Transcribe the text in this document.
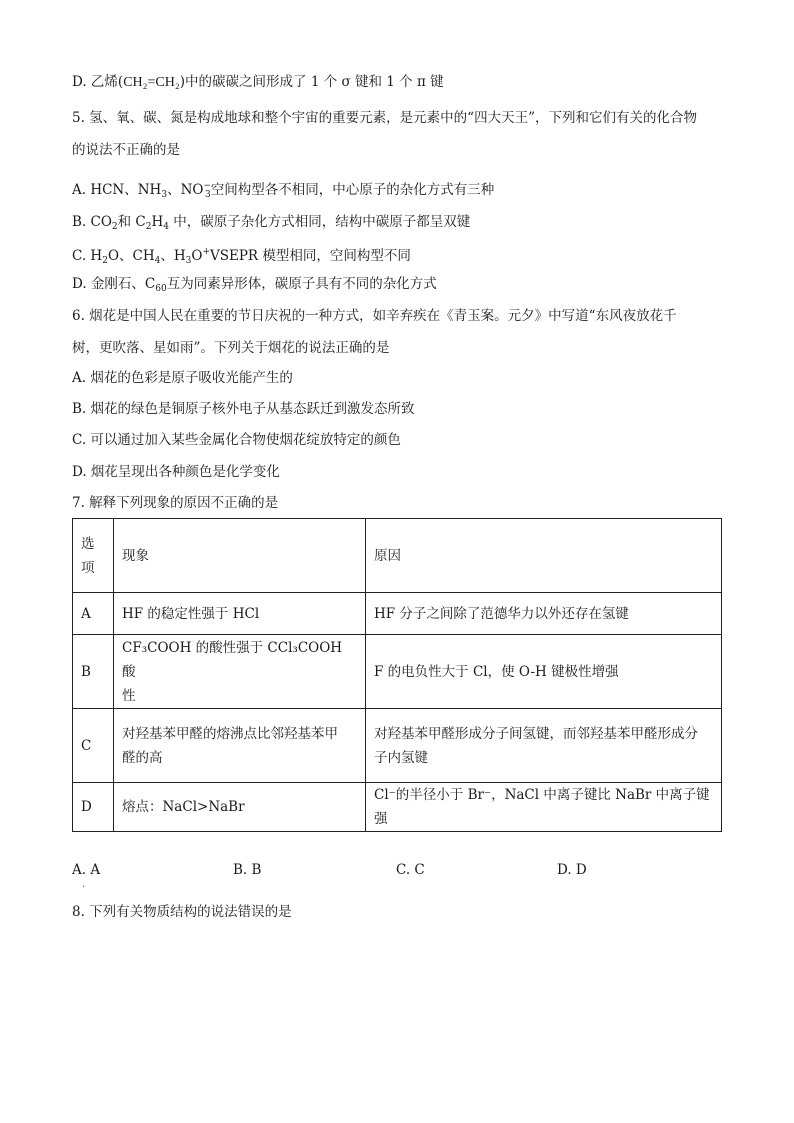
D. 乙烯(CH₂=CH₂)中的碳碳之间形成了 1 个 σ 键和 1 个 π 键
5. 氢、氧、碳、氮是构成地球和整个宇宙的重要元素，是元素中的“四大天王”，下列和它们有关的化合物
的说法不正确的是
A. HCN、$NH_3$、$NO^-_3$空间构型各不相同，中心原子的杂化方式有三种
B. $CO_2$和 $C_2H_4$ 中，碳原子杂化方式相同，结构中碳原子都呈双键
C. $H_2O$、$CH_4$、$H_3O^+VSEPR$ 模型相同，空间构型不同
D. 金刚石、$C_{60}$互为同素异形体，碳原子具有不同的杂化方式
6. 烟花是中国人民在重要的节日庆祝的一种方式，如辛弃疾在《青玉案。元夕》中写道“东风夜放花千
树，更吹落、星如雨”。下列关于烟花的说法正确的是
A. 烟花的色彩是原子吸收光能产生的
B. 烟花的绿色是铜原子核外电子从基态跃迁到激发态所致
C. 可以通过加入某些金属化合物使烟花绽放特定的颜色
D. 烟花呈现出各种颜色是化学变化
7. 解释下列现象的原因不正确的是
选
项	现象	原因
A	HF 的稳定性强于 HCl	HF 分子之间除了范德华力以外还存在氢键
B	CF₃COOH 的酸性强于 CCl₃COOH 酸
性	F 的电负性大于 Cl，使 O-H 键极性增强
C	对羟基苯甲醛的熔沸点比邻羟基苯甲
醛的高	对羟基苯甲醛形成分子间氢键，而邻羟基苯甲醛形成分
子内氢键
D	熔点：NaCl>NaBr	Cl⁻的半径小于 Br⁻，NaCl 中离子键比 NaBr 中离子键强
A. A	B. B	C. C	D. D
.
8. 下列有关物质结构的说法错误的是
